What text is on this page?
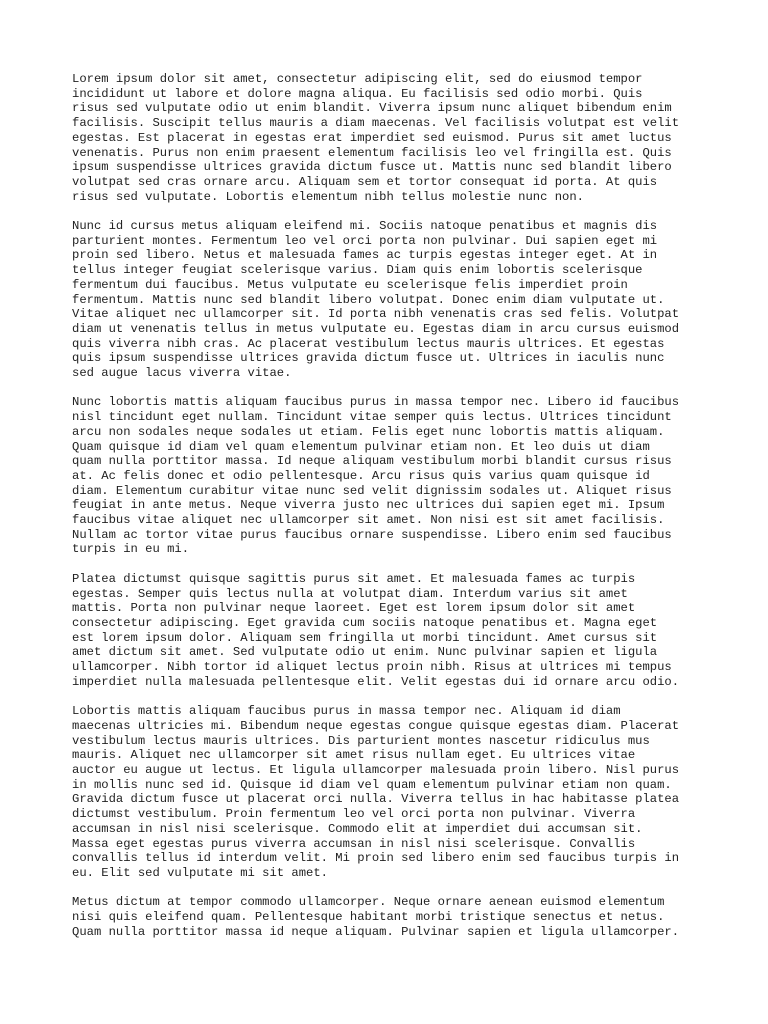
Lorem ipsum dolor sit amet, consectetur adipiscing elit, sed do eiusmod tempor
incididunt ut labore et dolore magna aliqua. Eu facilisis sed odio morbi. Quis
risus sed vulputate odio ut enim blandit. Viverra ipsum nunc aliquet bibendum enim
facilisis. Suscipit tellus mauris a diam maecenas. Vel facilisis volutpat est velit
egestas. Est placerat in egestas erat imperdiet sed euismod. Purus sit amet luctus
venenatis. Purus non enim praesent elementum facilisis leo vel fringilla est. Quis
ipsum suspendisse ultrices gravida dictum fusce ut. Mattis nunc sed blandit libero
volutpat sed cras ornare arcu. Aliquam sem et tortor consequat id porta. At quis
risus sed vulputate. Lobortis elementum nibh tellus molestie nunc non.

Nunc id cursus metus aliquam eleifend mi. Sociis natoque penatibus et magnis dis
parturient montes. Fermentum leo vel orci porta non pulvinar. Dui sapien eget mi
proin sed libero. Netus et malesuada fames ac turpis egestas integer eget. At in
tellus integer feugiat scelerisque varius. Diam quis enim lobortis scelerisque
fermentum dui faucibus. Metus vulputate eu scelerisque felis imperdiet proin
fermentum. Mattis nunc sed blandit libero volutpat. Donec enim diam vulputate ut.
Vitae aliquet nec ullamcorper sit. Id porta nibh venenatis cras sed felis. Volutpat
diam ut venenatis tellus in metus vulputate eu. Egestas diam in arcu cursus euismod
quis viverra nibh cras. Ac placerat vestibulum lectus mauris ultrices. Et egestas
quis ipsum suspendisse ultrices gravida dictum fusce ut. Ultrices in iaculis nunc
sed augue lacus viverra vitae.

Nunc lobortis mattis aliquam faucibus purus in massa tempor nec. Libero id faucibus
nisl tincidunt eget nullam. Tincidunt vitae semper quis lectus. Ultrices tincidunt
arcu non sodales neque sodales ut etiam. Felis eget nunc lobortis mattis aliquam.
Quam quisque id diam vel quam elementum pulvinar etiam non. Et leo duis ut diam
quam nulla porttitor massa. Id neque aliquam vestibulum morbi blandit cursus risus
at. Ac felis donec et odio pellentesque. Arcu risus quis varius quam quisque id
diam. Elementum curabitur vitae nunc sed velit dignissim sodales ut. Aliquet risus
feugiat in ante metus. Neque viverra justo nec ultrices dui sapien eget mi. Ipsum
faucibus vitae aliquet nec ullamcorper sit amet. Non nisi est sit amet facilisis.
Nullam ac tortor vitae purus faucibus ornare suspendisse. Libero enim sed faucibus
turpis in eu mi.

Platea dictumst quisque sagittis purus sit amet. Et malesuada fames ac turpis
egestas. Semper quis lectus nulla at volutpat diam. Interdum varius sit amet
mattis. Porta non pulvinar neque laoreet. Eget est lorem ipsum dolor sit amet
consectetur adipiscing. Eget gravida cum sociis natoque penatibus et. Magna eget
est lorem ipsum dolor. Aliquam sem fringilla ut morbi tincidunt. Amet cursus sit
amet dictum sit amet. Sed vulputate odio ut enim. Nunc pulvinar sapien et ligula
ullamcorper. Nibh tortor id aliquet lectus proin nibh. Risus at ultrices mi tempus
imperdiet nulla malesuada pellentesque elit. Velit egestas dui id ornare arcu odio.

Lobortis mattis aliquam faucibus purus in massa tempor nec. Aliquam id diam
maecenas ultricies mi. Bibendum neque egestas congue quisque egestas diam. Placerat
vestibulum lectus mauris ultrices. Dis parturient montes nascetur ridiculus mus
mauris. Aliquet nec ullamcorper sit amet risus nullam eget. Eu ultrices vitae
auctor eu augue ut lectus. Et ligula ullamcorper malesuada proin libero. Nisl purus
in mollis nunc sed id. Quisque id diam vel quam elementum pulvinar etiam non quam.
Gravida dictum fusce ut placerat orci nulla. Viverra tellus in hac habitasse platea
dictumst vestibulum. Proin fermentum leo vel orci porta non pulvinar. Viverra
accumsan in nisl nisi scelerisque. Commodo elit at imperdiet dui accumsan sit.
Massa eget egestas purus viverra accumsan in nisl nisi scelerisque. Convallis
convallis tellus id interdum velit. Mi proin sed libero enim sed faucibus turpis in
eu. Elit sed vulputate mi sit amet.

Metus dictum at tempor commodo ullamcorper. Neque ornare aenean euismod elementum
nisi quis eleifend quam. Pellentesque habitant morbi tristique senectus et netus.
Quam nulla porttitor massa id neque aliquam. Pulvinar sapien et ligula ullamcorper.
